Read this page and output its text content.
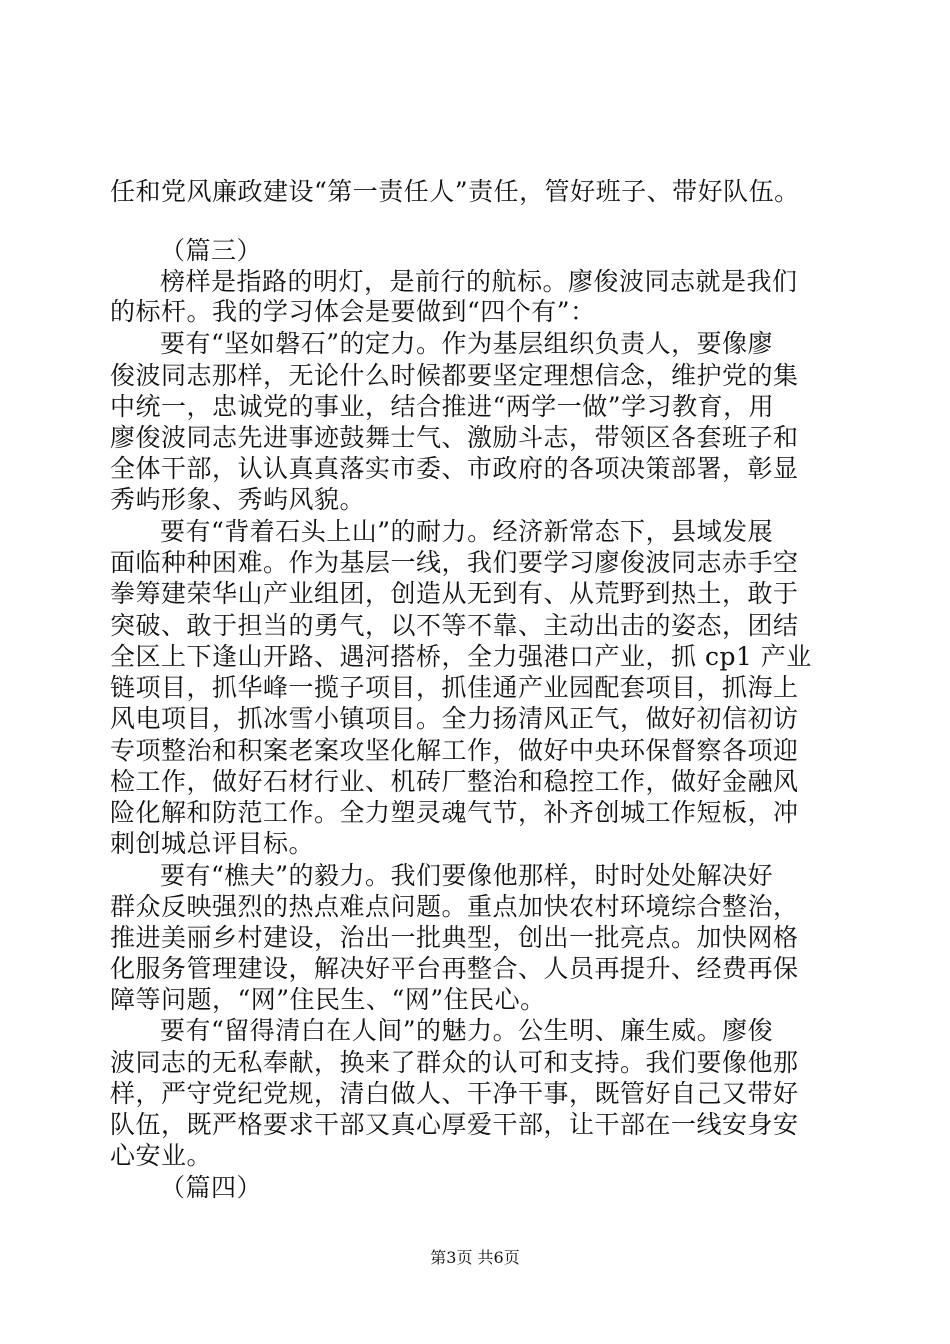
任和党风廉政建设“第一责任人”责任，管好班子、带好队伍。
（篇三）
榜样是指路的明灯，是前行的航标。廖俊波同志就是我们
的标杆。我的学习体会是要做到“四个有”：
要有“坚如磐石”的定力。作为基层组织负责人，要像廖
俊波同志那样，无论什么时候都要坚定理想信念，维护党的集
中统一，忠诚党的事业，结合推进“两学一做”学习教育，用
廖俊波同志先进事迹鼓舞士气、激励斗志，带领区各套班子和
全体干部，认认真真落实市委、市政府的各项决策部署，彰显
秀屿形象、秀屿风貌。
要有“背着石头上山”的耐力。经济新常态下，县域发展
面临种种困难。作为基层一线，我们要学习廖俊波同志赤手空
拳筹建荣华山产业组团，创造从无到有、从荒野到热土，敢于
突破、敢于担当的勇气，以不等不靠、主动出击的姿态，团结
全区上下逢山开路、遇河搭桥，全力强港口产业，抓 cp1 产业
链项目，抓华峰一揽子项目，抓佳通产业园配套项目，抓海上
风电项目，抓冰雪小镇项目。全力扬清风正气，做好初信初访
专项整治和积案老案攻坚化解工作，做好中央环保督察各项迎
检工作，做好石材行业、机砖厂整治和稳控工作，做好金融风
险化解和防范工作。全力塑灵魂气节，补齐创城工作短板，冲
刺创城总评目标。
要有“樵夫”的毅力。我们要像他那样，时时处处解决好
群众反映强烈的热点难点问题。重点加快农村环境综合整治，
推进美丽乡村建设，治出一批典型，创出一批亮点。加快网格
化服务管理建设，解决好平台再整合、人员再提升、经费再保
障等问题，“网”住民生、“网”住民心。
要有“留得清白在人间”的魅力。公生明、廉生威。廖俊
波同志的无私奉献，换来了群众的认可和支持。我们要像他那
样，严守党纪党规，清白做人、干净干事，既管好自己又带好
队伍，既严格要求干部又真心厚爱干部，让干部在一线安身安
心安业。
（篇四）
第3页 共6页
